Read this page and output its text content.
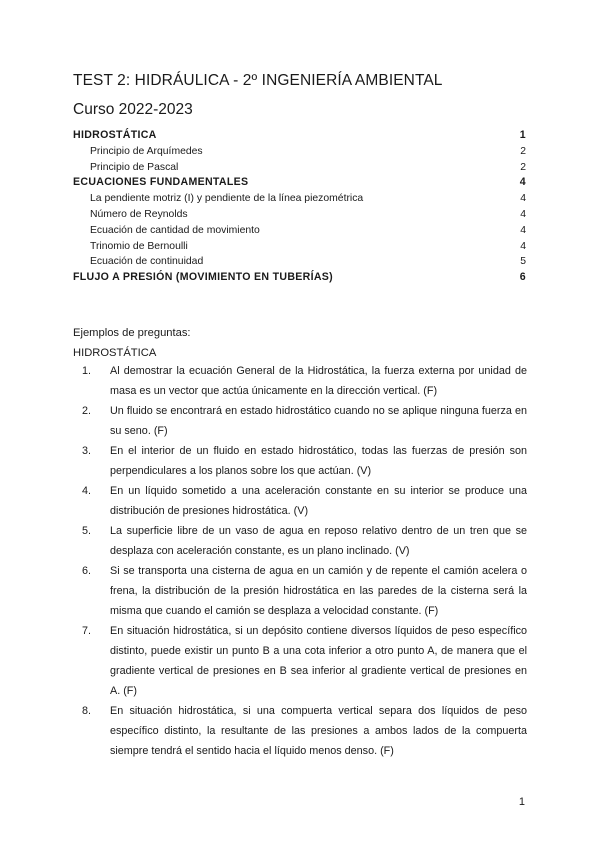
TEST 2: HIDRÁULICA - 2º INGENIERÍA AMBIENTAL
Curso 2022-2023
HIDROSTÁTICA	1
Principio de Arquímedes	2
Principio de Pascal	2
ECUACIONES FUNDAMENTALES	4
La pendiente motriz (I) y pendiente de la línea piezométrica	4
Número de Reynolds	4
Ecuación de cantidad de movimiento	4
Trinomio de Bernoulli	4
Ecuación de continuidad	5
FLUJO A PRESIÓN (MOVIMIENTO EN TUBERÍAS)	6
Ejemplos de preguntas:
HIDROSTÁTICA
1. Al demostrar la ecuación General de la Hidrostática, la fuerza externa por unidad de masa es un vector que actúa únicamente en la dirección vertical. (F)
2. Un fluido se encontrará en estado hidrostático cuando no se aplique ninguna fuerza en su seno. (F)
3. En el interior de un fluido en estado hidrostático, todas las fuerzas de presión son perpendiculares a los planos sobre los que actúan. (V)
4. En un líquido sometido a una aceleración constante en su interior se produce una distribución de presiones hidrostática. (V)
5. La superficie libre de un vaso de agua en reposo relativo dentro de un tren que se desplaza con aceleración constante, es un plano inclinado. (V)
6. Si se transporta una cisterna de agua en un camión y de repente el camión acelera o frena, la distribución de la presión hidrostática en las paredes de la cisterna será la misma que cuando el camión se desplaza a velocidad constante. (F)
7. En situación hidrostática, si un depósito contiene diversos líquidos de peso específico distinto, puede existir un punto B a una cota inferior a otro punto A, de manera que el gradiente vertical de presiones en B sea inferior al gradiente vertical de presiones en A. (F)
8. En situación hidrostática, si una compuerta vertical separa dos líquidos de peso específico distinto, la resultante de las presiones a ambos lados de la compuerta siempre tendrá el sentido hacia el líquido menos denso. (F)
1
